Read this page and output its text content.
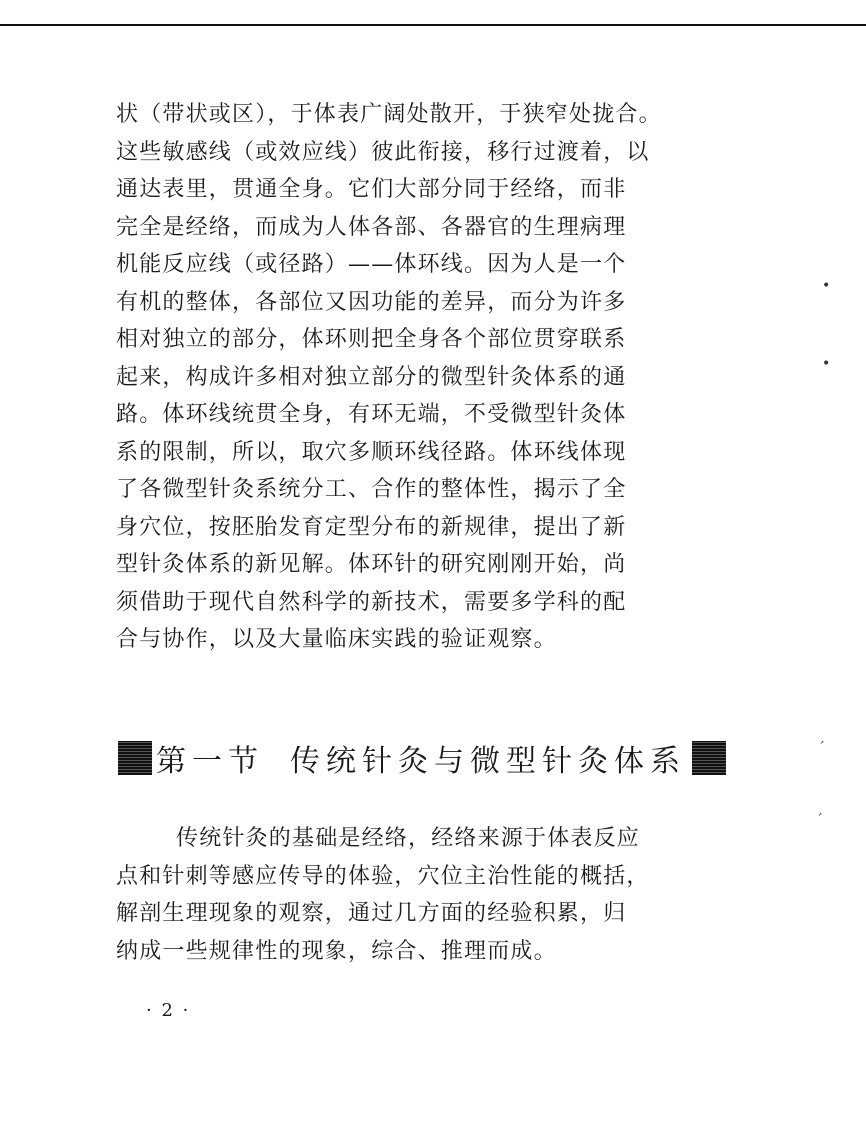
状（带状或区），于体表广阔处散开，于狭窄处拢合。
这些敏感线（或效应线）彼此衔接，移行过渡着，以
通达表里，贯通全身。它们大部分同于经络，而非
完全是经络，而成为人体各部、各器官的生理病理
机能反应线（或径路）——体环线。因为人是一个
有机的整体，各部位又因功能的差异，而分为许多
相对独立的部分，体环则把全身各个部位贯穿联系
起来，构成许多相对独立部分的微型针灸体系的通
路。体环线统贯全身，有环无端，不受微型针灸体
系的限制，所以，取穴多顺环线径路。体环线体现
了各微型针灸系统分工、合作的整体性，揭示了全
身穴位，按胚胎发育定型分布的新规律，提出了新
型针灸体系的新见解。体环针的研究刚刚开始，尚
须借助于现代自然科学的新技术，需要多学科的配
合与协作，以及大量临床实践的验证观察。
第一节 传统针灸与微型针灸体系
传统针灸的基础是经络，经络来源于体表反应
点和针刺等感应传导的体验，穴位主治性能的概括，
解剖生理现象的观察，通过几方面的经验积累，归
纳成一些规律性的现象，综合、推理而成。
· 2 ·
•
•
ˊ
ˊ
